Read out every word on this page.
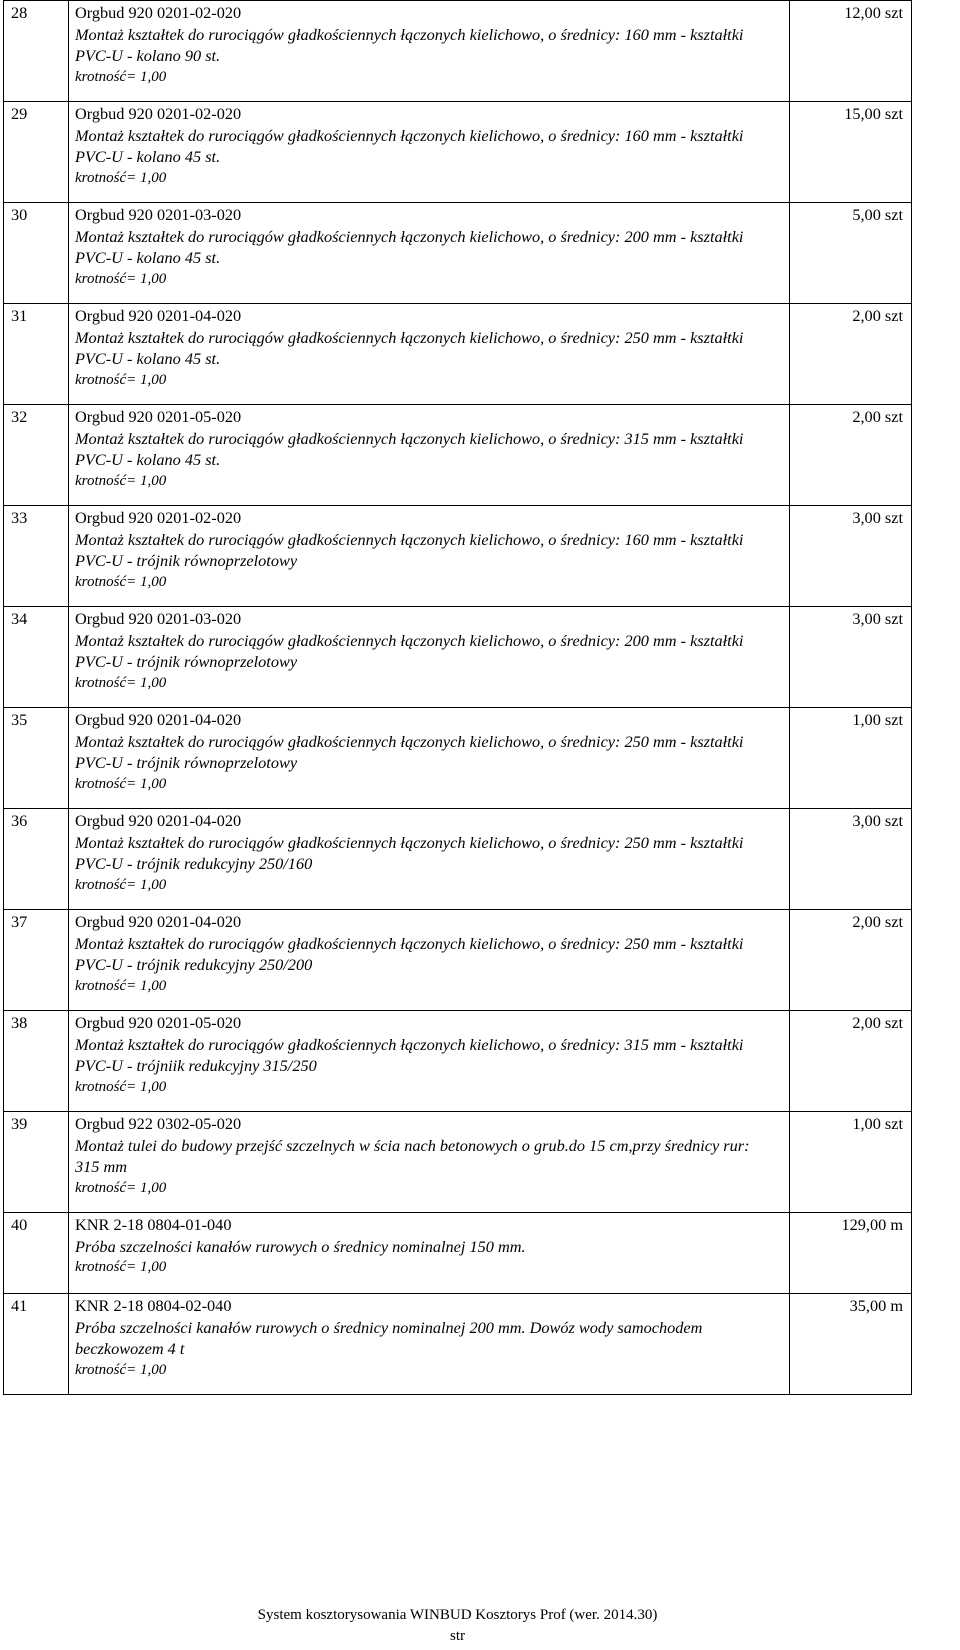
28	Orgbud 920 0201-02-020
Montaż kształtek do rurociągów gładkościennych łączonych kielichowo, o średnicy: 160 mm - kształtki PVC-U - kolano 90 st.
krotność= 1,00	12,00 szt
29	Orgbud 920 0201-02-020
Montaż kształtek do rurociągów gładkościennych łączonych kielichowo, o średnicy: 160 mm - kształtki PVC-U - kolano 45 st.
krotność= 1,00	15,00 szt
30	Orgbud 920 0201-03-020
Montaż kształtek do rurociągów gładkościennych łączonych kielichowo, o średnicy: 200 mm - kształtki PVC-U - kolano 45 st.
krotność= 1,00	5,00 szt
31	Orgbud 920 0201-04-020
Montaż kształtek do rurociągów gładkościennych łączonych kielichowo, o średnicy: 250 mm - kształtki PVC-U - kolano 45 st.
krotność= 1,00	2,00 szt
32	Orgbud 920 0201-05-020
Montaż kształtek do rurociągów gładkościennych łączonych kielichowo, o średnicy: 315 mm - kształtki PVC-U - kolano 45 st.
krotność= 1,00	2,00 szt
33	Orgbud 920 0201-02-020
Montaż kształtek do rurociągów gładkościennych łączonych kielichowo, o średnicy: 160 mm - kształtki PVC-U - trójnik równoprzelotowy
krotność= 1,00	3,00 szt
34	Orgbud 920 0201-03-020
Montaż kształtek do rurociągów gładkościennych łączonych kielichowo, o średnicy: 200 mm - kształtki PVC-U - trójnik równoprzelotowy
krotność= 1,00	3,00 szt
35	Orgbud 920 0201-04-020
Montaż kształtek do rurociągów gładkościennych łączonych kielichowo, o średnicy: 250 mm - kształtki PVC-U - trójnik równoprzelotowy
krotność= 1,00	1,00 szt
36	Orgbud 920 0201-04-020
Montaż kształtek do rurociągów gładkościennych łączonych kielichowo, o średnicy: 250 mm - kształtki PVC-U - trójnik redukcyjny 250/160
krotność= 1,00	3,00 szt
37	Orgbud 920 0201-04-020
Montaż kształtek do rurociągów gładkościennych łączonych kielichowo, o średnicy: 250 mm - kształtki PVC-U - trójnik redukcyjny 250/200
krotność= 1,00	2,00 szt
38	Orgbud 920 0201-05-020
Montaż kształtek do rurociągów gładkościennych łączonych kielichowo, o średnicy: 315 mm - kształtki PVC-U - trójniik redukcyjny 315/250
krotność= 1,00	2,00 szt
39	Orgbud 922 0302-05-020
Montaż tulei do budowy przejść szczelnych w ścia nach betonowych o grub.do 15 cm,przy średnicy rur: 315 mm
krotność= 1,00	1,00 szt
40	KNR 2-18 0804-01-040
Próba szczelności kanałów rurowych o średnicy nominalnej 150 mm.
krotność= 1,00	129,00 m
41	KNR 2-18 0804-02-040
Próba szczelności kanałów rurowych o średnicy nominalnej 200 mm. Dowóz wody samochodem beczkowozem 4 t
krotność= 1,00	35,00 m
System kosztorysowania WINBUD Kosztorys Prof (wer. 2014.30)
str
